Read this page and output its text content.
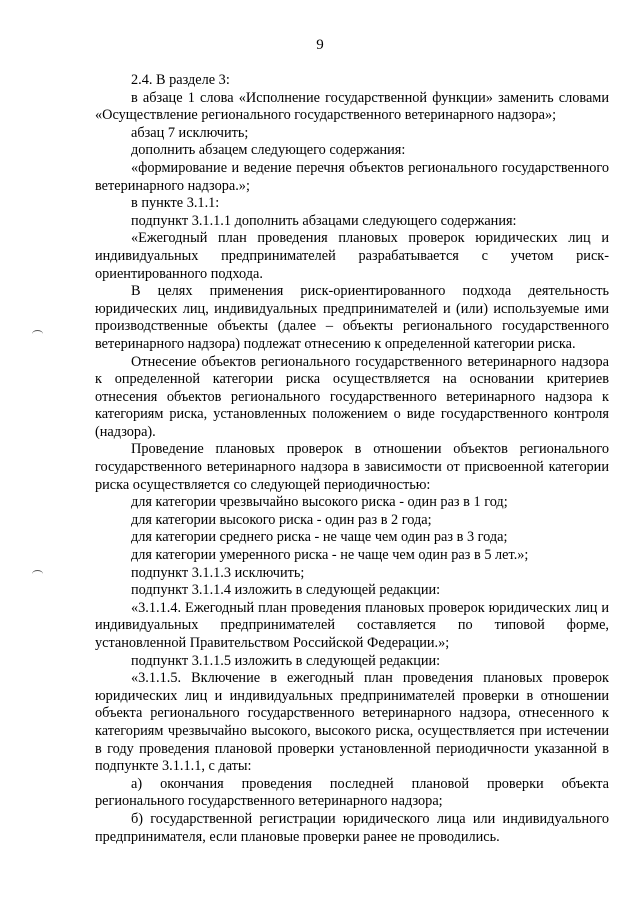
9

2.4. В разделе 3:

в абзаце 1 слова «Исполнение государственной функции» заменить словами «Осуществление регионального государственного ветеринарного надзора»;

абзац 7 исключить;

дополнить абзацем следующего содержания:

«формирование и ведение перечня объектов регионального государственного ветеринарного надзора.»;

в пункте 3.1.1:

подпункт 3.1.1.1 дополнить абзацами следующего содержания:

«Ежегодный план проведения плановых проверок юридических лиц и индивидуальных предпринимателей разрабатывается с учетом риск-ориентированного подхода.

В целях применения риск-ориентированного подхода деятельность юридических лиц, индивидуальных предпринимателей и (или) используемые ими производственные объекты (далее – объекты регионального государственного ветеринарного надзора) подлежат отнесению к определенной категории риска.

Отнесение объектов регионального государственного ветеринарного надзора к определенной категории риска осуществляется на основании критериев отнесения объектов регионального государственного ветеринарного надзора к категориям риска, установленных положением о виде государственного контроля (надзора).

Проведение плановых проверок в отношении объектов регионального государственного ветеринарного надзора в зависимости от присвоенной категории риска осуществляется со следующей периодичностью:

для категории чрезвычайно высокого риска - один раз в 1 год;

для категории высокого риска - один раз в 2 года;

для категории среднего риска - не чаще чем один раз в 3 года;

для категории умеренного риска - не чаще чем один раз в 5 лет.»;

подпункт 3.1.1.3 исключить;

подпункт 3.1.1.4 изложить в следующей редакции:

«3.1.1.4. Ежегодный план проведения плановых проверок юридических лиц и индивидуальных предпринимателей составляется по типовой форме, установленной Правительством Российской Федерации.»;

подпункт 3.1.1.5 изложить в следующей редакции:

«3.1.1.5. Включение в ежегодный план проведения плановых проверок юридических лиц и индивидуальных предпринимателей проверки в отношении объекта регионального государственного ветеринарного надзора, отнесенного к категориям чрезвычайно высокого, высокого риска, осуществляется при истечении в году проведения плановой проверки установленной периодичности указанной в подпункте 3.1.1.1, с даты:

а) окончания проведения последней плановой проверки объекта регионального государственного ветеринарного надзора;

б) государственной регистрации юридического лица или индивидуального предпринимателя, если плановые проверки ранее не проводились.
